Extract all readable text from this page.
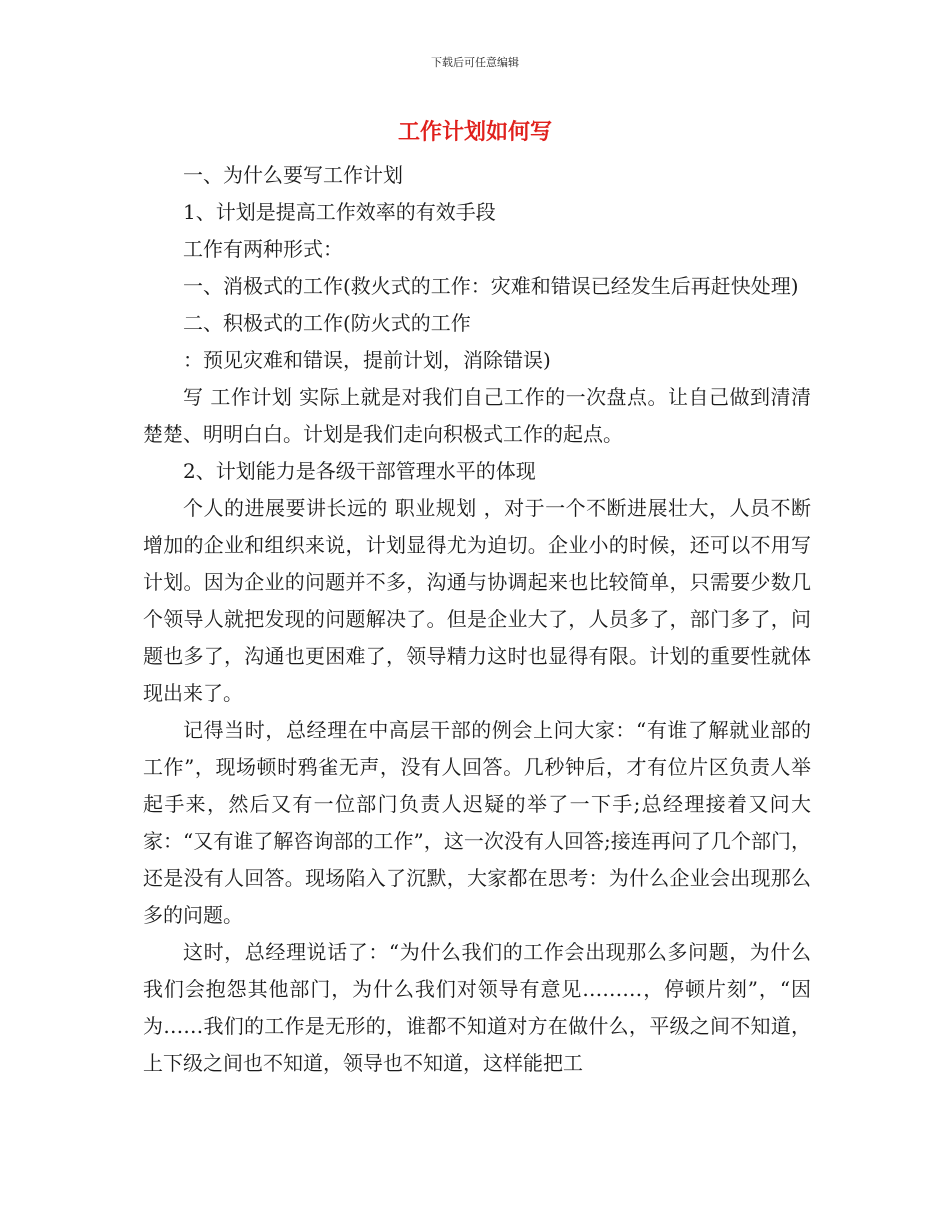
下载后可任意编辑
工作计划如何写

一、为什么要写工作计划

1、计划是提高工作效率的有效手段

工作有两种形式：

一、消极式的工作(救火式的工作：灾难和错误已经发生后再赶快处理)

二、积极式的工作(防火式的工作

：预见灾难和错误，提前计划，消除错误)

写 工作计划 实际上就是对我们自己工作的一次盘点。让自己做到清清楚楚、明明白白。计划是我们走向积极式工作的起点。

2、计划能力是各级干部管理水平的体现

个人的进展要讲长远的 职业规划 ，对于一个不断进展壮大，人员不断增加的企业和组织来说，计划显得尤为迫切。企业小的时候，还可以不用写计划。因为企业的问题并不多，沟通与协调起来也比较简单，只需要少数几个领导人就把发现的问题解决了。但是企业大了，人员多了，部门多了，问题也多了，沟通也更困难了，领导精力这时也显得有限。计划的重要性就体现出来了。

记得当时，总经理在中高层干部的例会上问大家：“有谁了解就业部的工作”，现场顿时鸦雀无声，没有人回答。几秒钟后，才有位片区负责人举起手来，然后又有一位部门负责人迟疑的举了一下手;总经理接着又问大家：“又有谁了解咨询部的工作”，这一次没有人回答;接连再问了几个部门，还是没有人回答。现场陷入了沉默，大家都在思考：为什么企业会出现那么多的问题。

这时，总经理说话了：“为什么我们的工作会出现那么多问题，为什么我们会抱怨其他部门，为什么我们对领导有意见………，停顿片刻”，“因为……我们的工作是无形的，谁都不知道对方在做什么，平级之间不知道，上下级之间也不知道，领导也不知道，这样能把工
